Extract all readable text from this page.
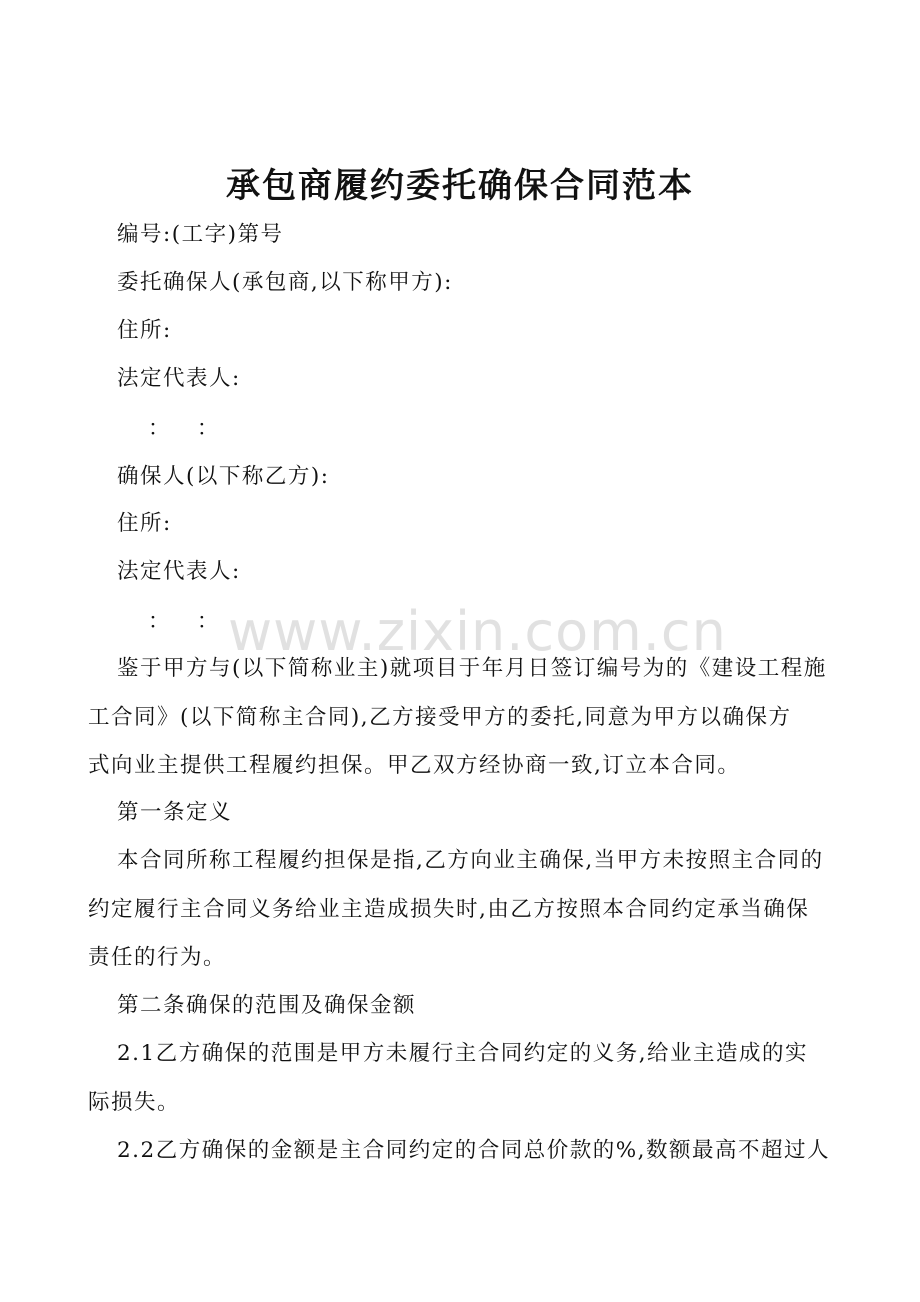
承包商履约委托确保合同范本
编号:(工字)第号
委托确保人(承包商,以下称甲方):
住所:
法定代表人:
：    ：
确保人(以下称乙方):
住所:
法定代表人:
：    ：
鉴于甲方与(以下简称业主)就项目于年月日签订编号为的《建设工程施
工合同》(以下简称主合同),乙方接受甲方的委托,同意为甲方以确保方
式向业主提供工程履约担保。甲乙双方经协商一致,订立本合同。
第一条定义
本合同所称工程履约担保是指,乙方向业主确保,当甲方未按照主合同的
约定履行主合同义务给业主造成损失时,由乙方按照本合同约定承当确保
责任的行为。
第二条确保的范围及确保金额
2.1乙方确保的范围是甲方未履行主合同约定的义务,给业主造成的实
际损失。
2.2乙方确保的金额是主合同约定的合同总价款的%,数额最高不超过人
www.zixin.com.cn
